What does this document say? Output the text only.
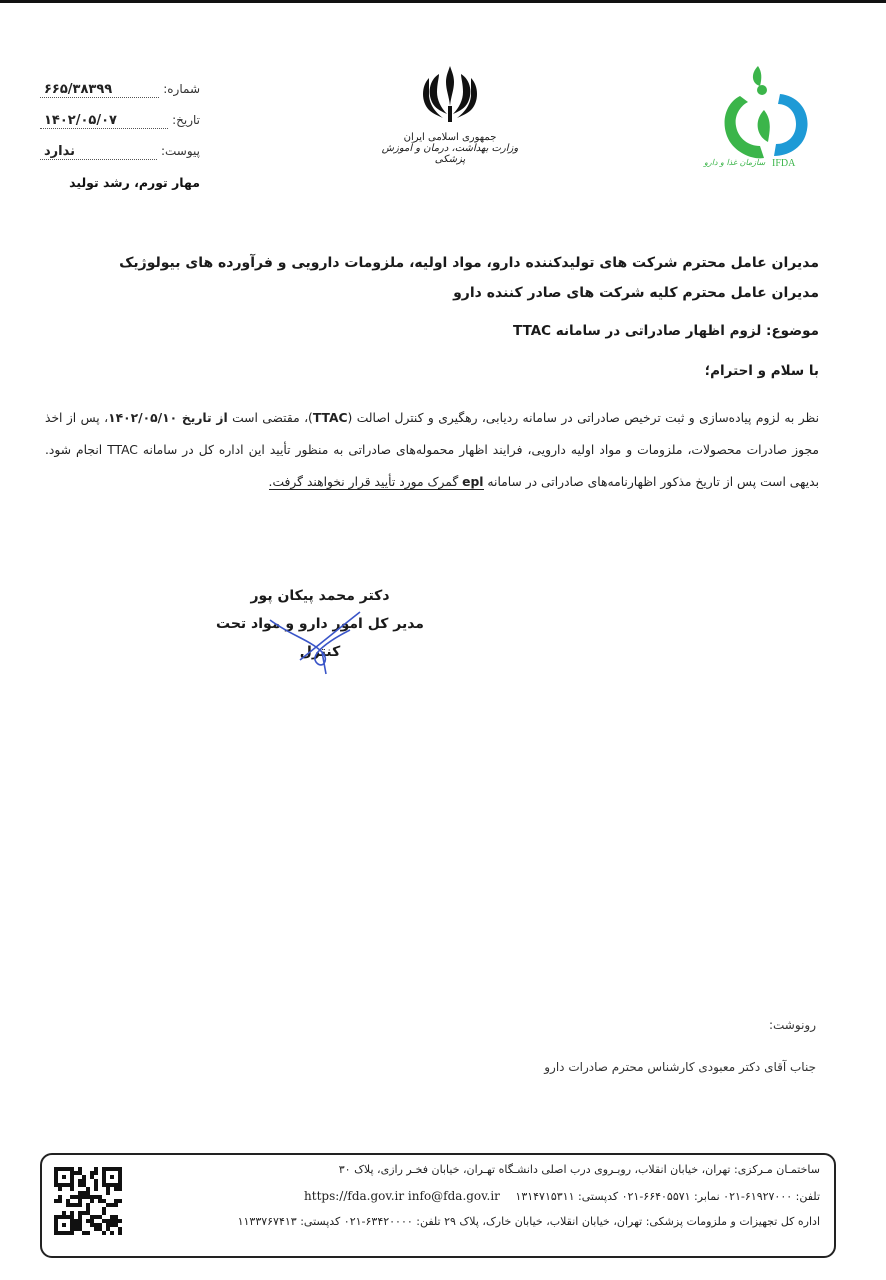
شماره:
۶۶۵/۳۸۳۹۹
تاریخ:
۱۴۰۲/۰۵/۰۷
پیوست:
ندارد
مهار تورم، رشد تولید
جمهوری اسلامی ایران
وزارت بهداشت، درمان و آموزش پزشکی	سازمان غذا و دارو IFDA
مدیران عامل محترم شرکت های تولیدکننده دارو، مواد اولیه، ملزومات دارویی و فرآورده های بیولوژیک
مدیران عامل محترم کلیه شرکت های صادر کننده دارو
موضوع: لزوم اظهار صادراتی در سامانه TTAC
با سلام و احترام؛
نظر به لزوم پیاده‌سازی و ثبت ترخیص صادراتی در سامانه ردیابی، رهگیری و کنترل اصالت (TTAC)، مقتضی است از تاریخ ۱۴۰۲/۰۵/۱۰، پس از اخذ مجوز صادرات محصولات، ملزومات و مواد اولیه دارویی، فرایند اظهار محموله‌های صادراتی به منظور تأیید این اداره کل در سامانه TTAC انجام شود. بدیهی است پس از تاریخ مذکور اظهارنامه‌های صادراتی در سامانه epl گمرک مورد تأیید قرار نخواهند گرفت.
دکتر محمد پیکان پور
مدیر کل امور دارو و مواد تحت کنترل
رونوشت:
جناب آقای دکتر معبودی کارشناس محترم صادرات دارو
ساختمـان مـرکزی: تهران، خیابان انقلاب، روبـروی درب اصلی دانشـگاه تهـران، خیابان فخـر رازی، پلاک ۳۰
تلفن: ۶۱۹۲۷۰۰۰-۰۲۱ نمابر: ۶۶۴۰۵۵۷۱-۰۲۱ کدپستی: ۱۳۱۴۷۱۵۳۱۱ https://fda.gov.ir info@fda.gov.ir
اداره کل تجهیزات و ملزومات پزشکی: تهران، خیابان انقلاب، خیابان خارک، پلاک ۲۹ تلفن: ۶۳۴۲۰۰۰۰-۰۲۱ کدپستی: ۱۱۳۳۷۶۷۴۱۳
